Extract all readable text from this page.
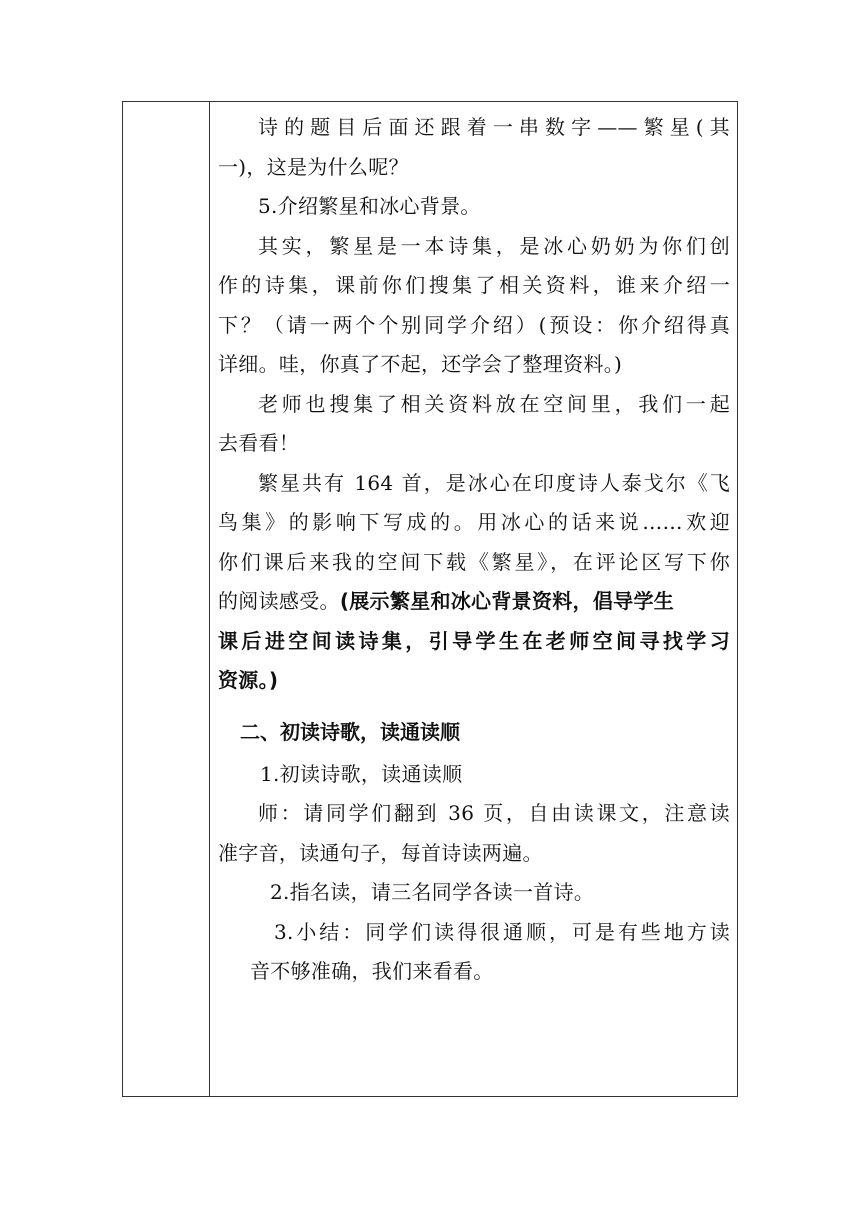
诗的题目后面还跟着一串数字——繁星(其
一)，这是为什么呢？
5.介绍繁星和冰心背景。
其实，繁星是一本诗集，是冰心奶奶为你们创
作的诗集，课前你们搜集了相关资料，谁来介绍一
下？（请一两个个别同学介绍）(预设：你介绍得真
详细。哇，你真了不起，还学会了整理资料。)
老师也搜集了相关资料放在空间里，我们一起
去看看！
繁星共有 164 首，是冰心在印度诗人泰戈尔《飞
鸟集》的影响下写成的。用冰心的话来说……欢迎
你们课后来我的空间下载《繁星》，在评论区写下你
的阅读感受。(展示繁星和冰心背景资料，倡导学生
课后进空间读诗集，引导学生在老师空间寻找学习
资源。)
二、初读诗歌，读通读顺
1.初读诗歌，读通读顺
师：请同学们翻到 36 页，自由读课文，注意读
准字音，读通句子，每首诗读两遍。
2.指名读，请三名同学各读一首诗。
3.小结：同学们读得很通顺，可是有些地方读
音不够准确，我们来看看。
